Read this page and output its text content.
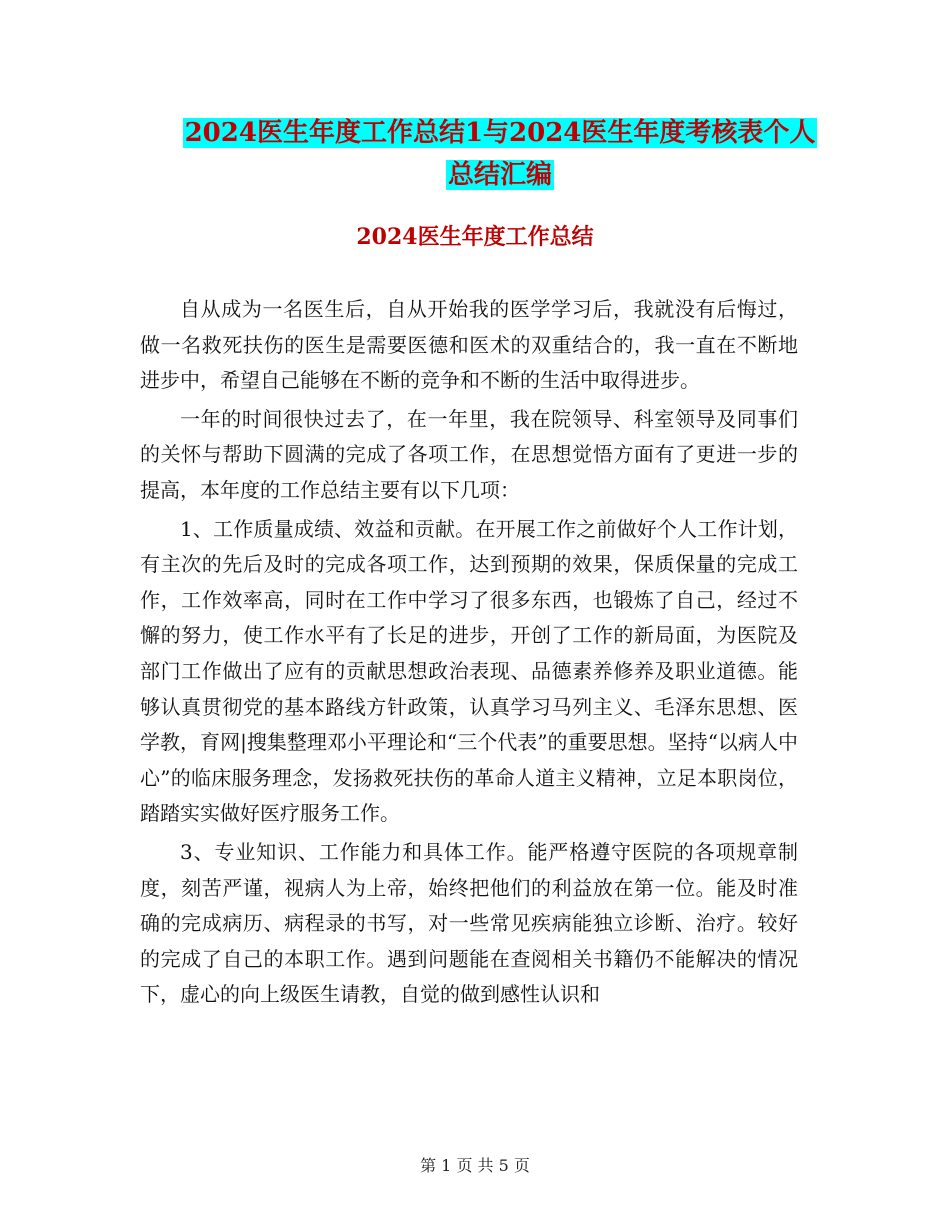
2024医生年度工作总结1与2024医生年度考核表个人
总结汇编
2024医生年度工作总结

自从成为一名医生后，自从开始我的医学学习后，我就没有后悔过，做一名救死扶伤的医生是需要医德和医术的双重结合的，我一直在不断地进步中，希望自己能够在不断的竞争和不断的生活中取得进步。

一年的时间很快过去了，在一年里，我在院领导、科室领导及同事们的关怀与帮助下圆满的完成了各项工作，在思想觉悟方面有了更进一步的提高，本年度的工作总结主要有以下几项：

1、工作质量成绩、效益和贡献。在开展工作之前做好个人工作计划，有主次的先后及时的完成各项工作，达到预期的效果，保质保量的完成工作，工作效率高，同时在工作中学习了很多东西，也锻炼了自己，经过不懈的努力，使工作水平有了长足的进步，开创了工作的新局面，为医院及部门工作做出了应有的贡献思想政治表现、品德素养修养及职业道德。能够认真贯彻党的基本路线方针政策，认真学习马列主义、毛泽东思想、医学教，育网|搜集整理邓小平理论和“三个代表”的重要思想。坚持“以病人中心”的临床服务理念，发扬救死扶伤的革命人道主义精神，立足本职岗位，踏踏实实做好医疗服务工作。

3、专业知识、工作能力和具体工作。能严格遵守医院的各项规章制度，刻苦严谨，视病人为上帝，始终把他们的利益放在第一位。能及时准确的完成病历、病程录的书写，对一些常见疾病能独立诊断、治疗。较好的完成了自己的本职工作。遇到问题能在查阅相关书籍仍不能解决的情况下，虚心的向上级医生请教，自觉的做到感性认识和

第 1 页 共 5 页
